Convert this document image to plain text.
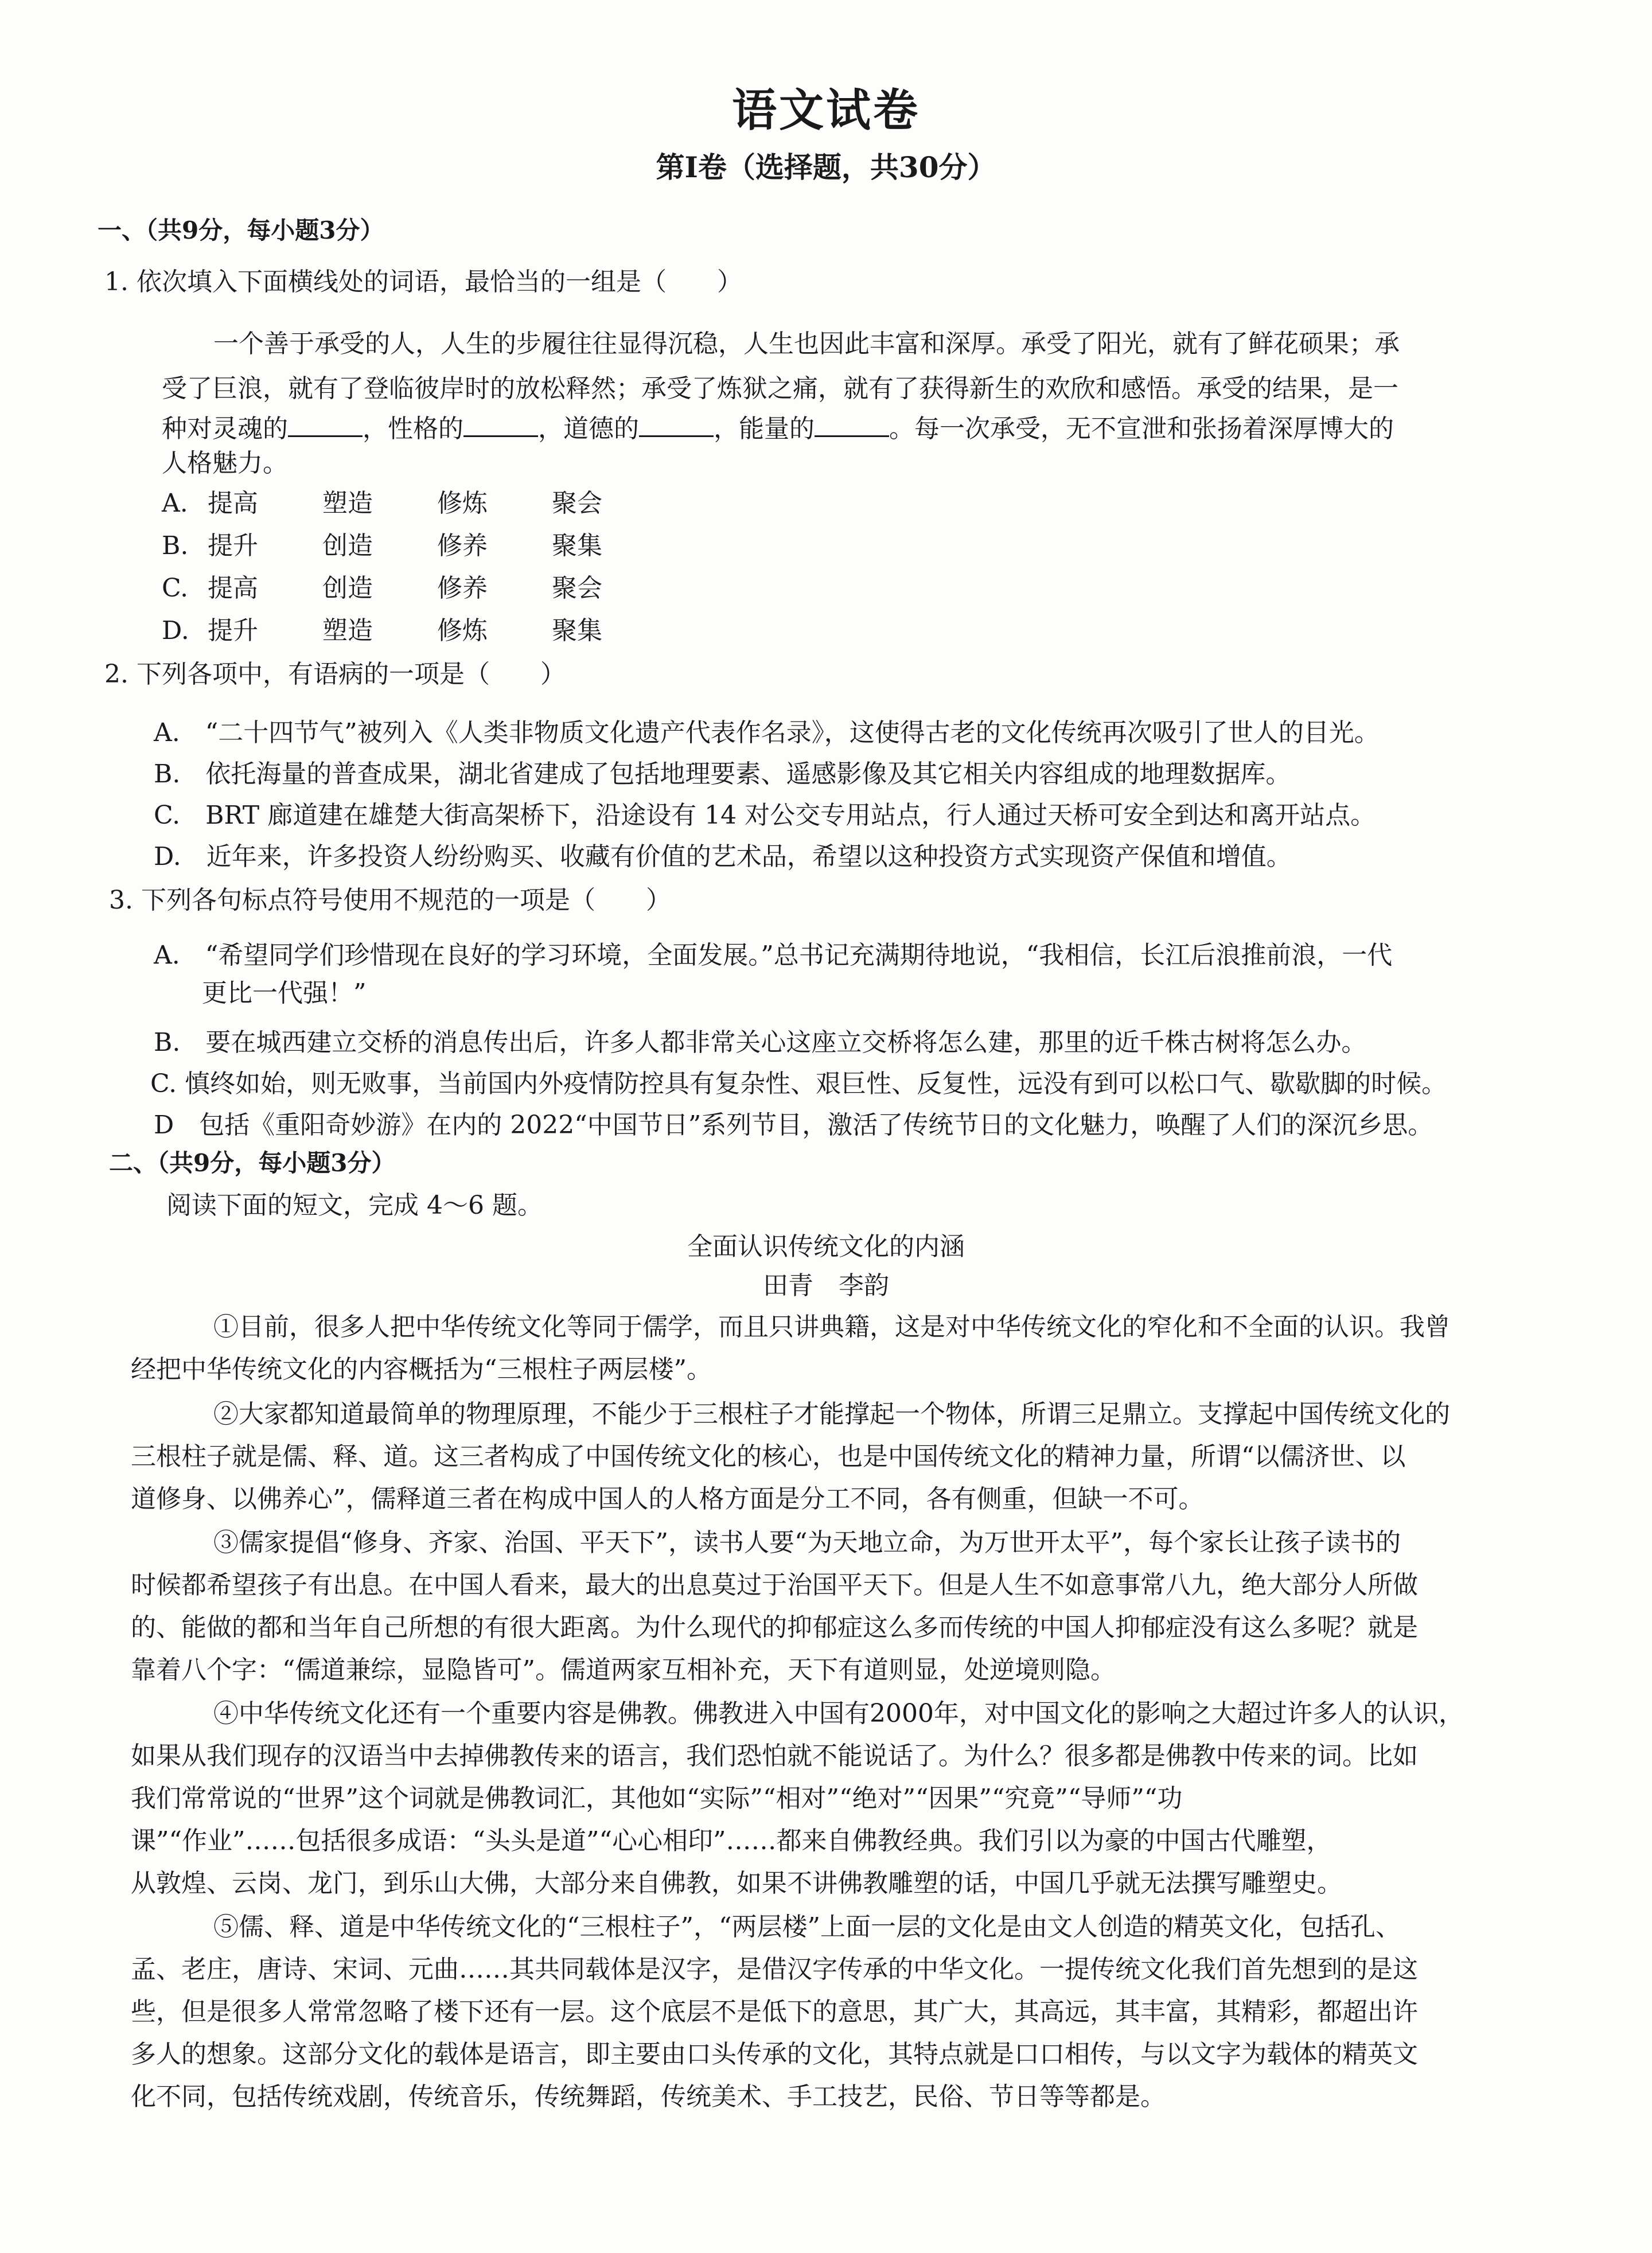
语文试卷
第Ⅰ卷（选择题，共30分）
一、（共9分，每小题3分）
1. 依次填入下面横线处的词语，最恰当的一组是（　　）
一个善于承受的人，人生的步履往往显得沉稳，人生也因此丰富和深厚。承受了阳光，就有了鲜花硕果；承
受了巨浪，就有了登临彼岸时的放松释然；承受了炼狱之痛，就有了获得新生的欢欣和感悟。承受的结果，是一
种对灵魂的	，性格的	，道德的	，能量的	。每一次承受，无不宣泄和张扬着深厚博大的
人格魅力。
A. 提高	塑造	修炼	聚会
B. 提升	创造	修养	聚集
C. 提高	创造	修养	聚会
D. 提升	塑造	修炼	聚集
2. 下列各项中，有语病的一项是（　　）
A.　“二十四节气”被列入《人类非物质文化遗产代表作名录》，这使得古老的文化传统再次吸引了世人的目光。
B.　依托海量的普查成果，湖北省建成了包括地理要素、遥感影像及其它相关内容组成的地理数据库。
C.　BRT 廊道建在雄楚大街高架桥下，沿途设有 14 对公交专用站点，行人通过天桥可安全到达和离开站点。
D.　近年来，许多投资人纷纷购买、收藏有价值的艺术品，希望以这种投资方式实现资产保值和增值。
3. 下列各句标点符号使用不规范的一项是（　　）
A.　“希望同学们珍惜现在良好的学习环境，全面发展。”总书记充满期待地说，“我相信，长江后浪推前浪，一代
更比一代强！”
B.　要在城西建立交桥的消息传出后，许多人都非常关心这座立交桥将怎么建，那里的近千株古树将怎么办。
C. 慎终如始，则无败事，当前国内外疫情防控具有复杂性、艰巨性、反复性，远没有到可以松口气、歇歇脚的时候。
D　包括《重阳奇妙游》在内的 2022“中国节日”系列节目，激活了传统节日的文化魅力，唤醒了人们的深沉乡思。
二、（共9分，每小题3分）
阅读下面的短文，完成 4～6 题。
全面认识传统文化的内涵
田青　李韵
①目前，很多人把中华传统文化等同于儒学，而且只讲典籍，这是对中华传统文化的窄化和不全面的认识。我曾
经把中华传统文化的内容概括为“三根柱子两层楼”。
②大家都知道最简单的物理原理，不能少于三根柱子才能撑起一个物体，所谓三足鼎立。支撑起中国传统文化的
三根柱子就是儒、释、道。这三者构成了中国传统文化的核心，也是中国传统文化的精神力量，所谓“以儒济世、以
道修身、以佛养心”，儒释道三者在构成中国人的人格方面是分工不同，各有侧重，但缺一不可。
③儒家提倡“修身、齐家、治国、平天下”，读书人要“为天地立命，为万世开太平”，每个家长让孩子读书的
时候都希望孩子有出息。在中国人看来，最大的出息莫过于治国平天下。但是人生不如意事常八九，绝大部分人所做
的、能做的都和当年自己所想的有很大距离。为什么现代的抑郁症这么多而传统的中国人抑郁症没有这么多呢？就是
靠着八个字：“儒道兼综，显隐皆可”。儒道两家互相补充，天下有道则显，处逆境则隐。
④中华传统文化还有一个重要内容是佛教。佛教进入中国有2000年，对中国文化的影响之大超过许多人的认识，
如果从我们现存的汉语当中去掉佛教传来的语言，我们恐怕就不能说话了。为什么？很多都是佛教中传来的词。比如
我们常常说的“世界”这个词就是佛教词汇，其他如“实际”“相对”“绝对”“因果”“究竟”“导师”“功
课”“作业”……包括很多成语：“头头是道”“心心相印”……都来自佛教经典。我们引以为豪的中国古代雕塑，
从敦煌、云岗、龙门，到乐山大佛，大部分来自佛教，如果不讲佛教雕塑的话，中国几乎就无法撰写雕塑史。
⑤儒、释、道是中华传统文化的“三根柱子”，“两层楼”上面一层的文化是由文人创造的精英文化，包括孔、
孟、老庄，唐诗、宋词、元曲……其共同载体是汉字，是借汉字传承的中华文化。一提传统文化我们首先想到的是这
些，但是很多人常常忽略了楼下还有一层。这个底层不是低下的意思，其广大，其高远，其丰富，其精彩，都超出许
多人的想象。这部分文化的载体是语言，即主要由口头传承的文化，其特点就是口口相传，与以文字为载体的精英文
化不同，包括传统戏剧，传统音乐，传统舞蹈，传统美术、手工技艺，民俗、节日等等都是。
